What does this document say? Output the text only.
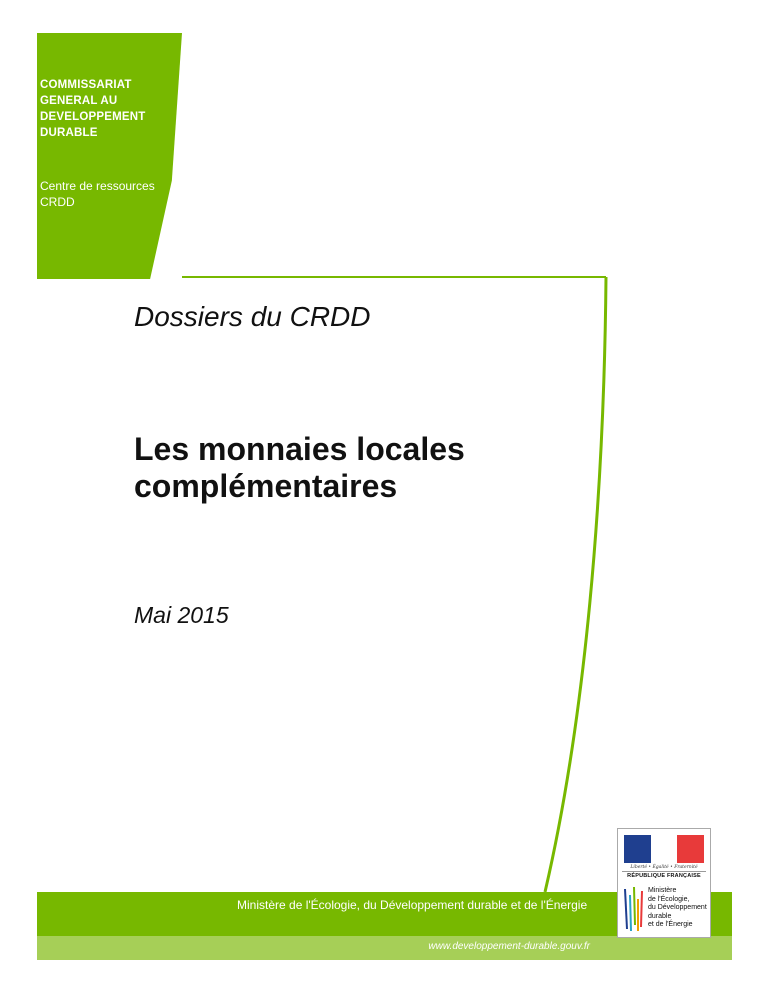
COMMISSARIAT
GENERAL AU
DEVELOPPEMENT
DURABLE
Centre de ressources
CRDD
Dossiers du CRDD
Les monnaies locales
complémentaires
Mai 2015
Ministère de l'Écologie, du Développement durable et de l'Énergie
www.developpement-durable.gouv.fr
Liberté • Égalité • Fraternité
RÉPUBLIQUE FRANÇAISE
Ministère
de l'Écologie,
du Développement
durable
et de l'Énergie
